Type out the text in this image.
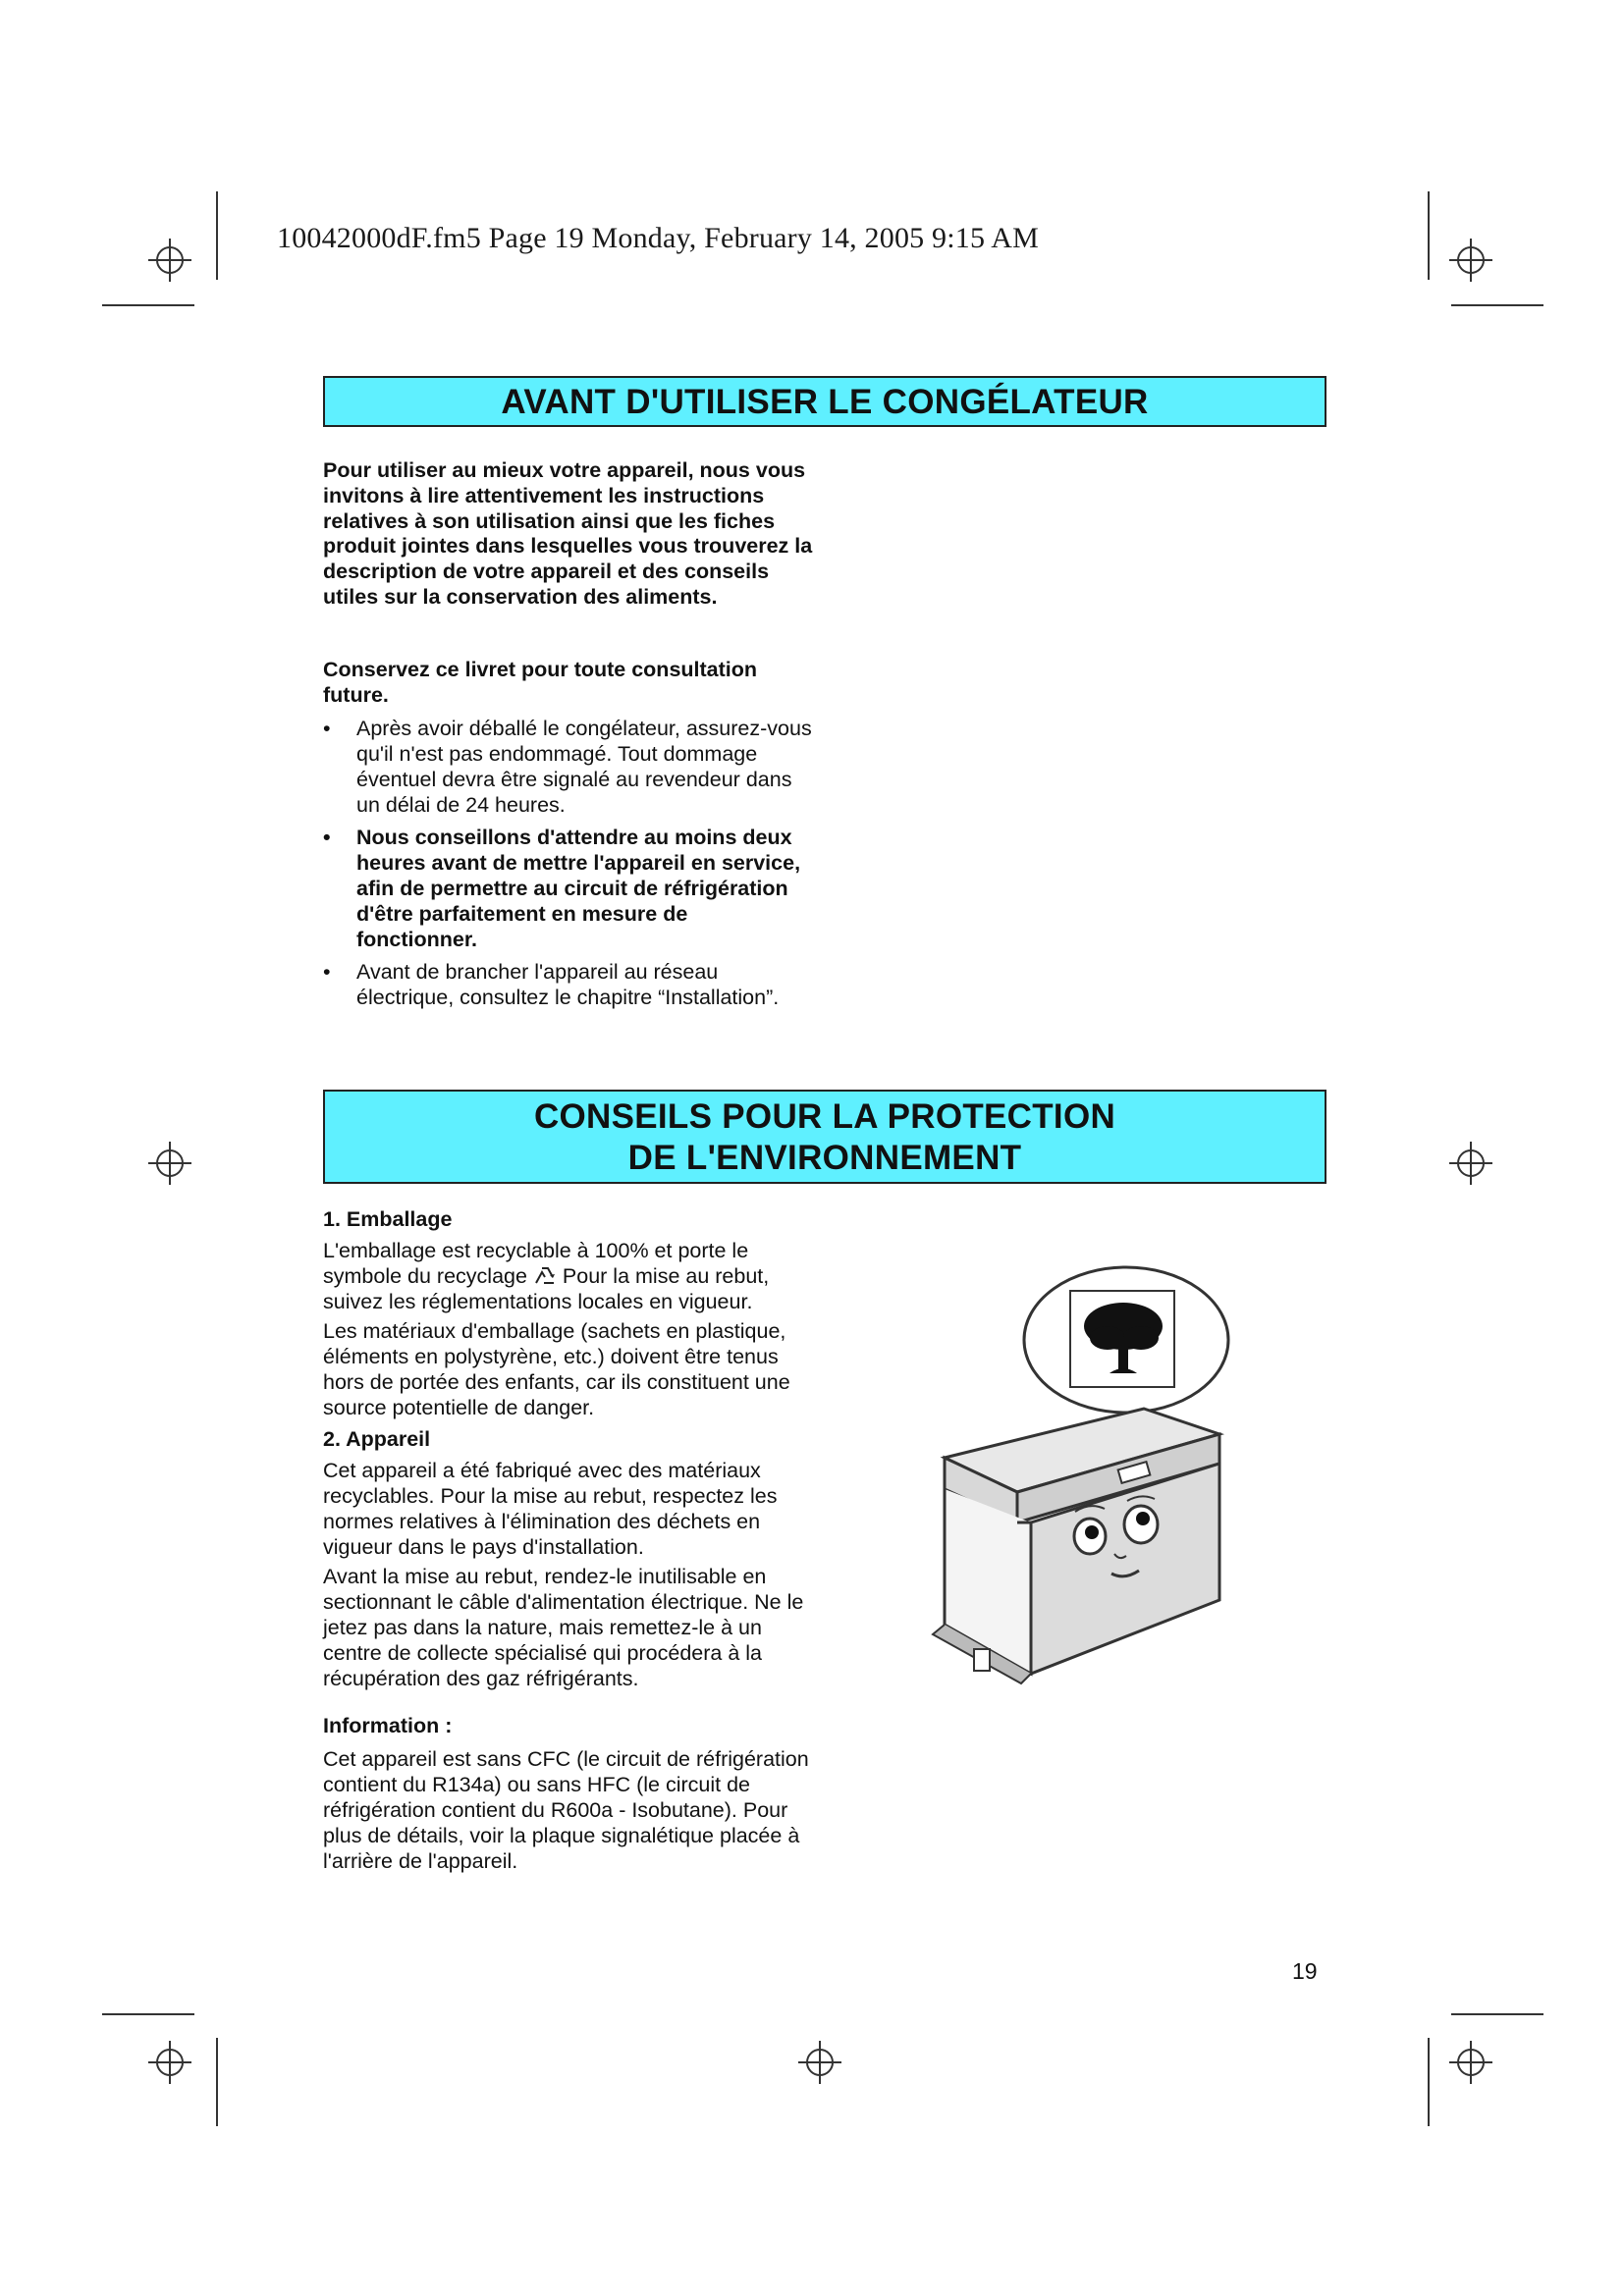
10042000dF.fm5 Page 19 Monday, February 14, 2005 9:15 AM
AVANT D'UTILISER LE CONGÉLATEUR

Pour utiliser au mieux votre appareil, nous vous invitons à lire attentivement les instructions relatives à son utilisation ainsi que les fiches produit jointes dans lesquelles vous trouverez la description de votre appareil et des conseils utiles sur la conservation des aliments.

Conservez ce livret pour toute consultation future.

•	Après avoir déballé le congélateur, assurez-vous qu'il n'est pas endommagé. Tout dommage éventuel devra être signalé au revendeur dans un délai de 24 heures.
•	Nous conseillons d'attendre au moins deux heures avant de mettre l'appareil en service, afin de permettre au circuit de réfrigération d'être parfaitement en mesure de fonctionner.
•	Avant de brancher l'appareil au réseau électrique, consultez le chapitre “Installation”.
CONSEILS POUR LA PROTECTION
DE L'ENVIRONNEMENT

1. Emballage

L'emballage est recyclable à 100% et porte le symbole du recyclage Pour la mise au rebut, suivez les réglementations locales en vigueur.

Les matériaux d'emballage (sachets en plastique, éléments en polystyrène, etc.) doivent être tenus hors de portée des enfants, car ils constituent une source potentielle de danger.

2. Appareil

Cet appareil a été fabriqué avec des matériaux recyclables. Pour la mise au rebut, respectez les normes relatives à l'élimination des déchets en vigueur dans le pays d'installation.

Avant la mise au rebut, rendez-le inutilisable en sectionnant le câble d'alimentation électrique. Ne le jetez pas dans la nature, mais remettez-le à un centre de collecte spécialisé qui procédera à la récupération des gaz réfrigérants.

Information :

Cet appareil est sans CFC (le circuit de réfrigération contient du R134a) ou sans HFC (le circuit de réfrigération contient du R600a - Isobutane). Pour plus de détails, voir la plaque signalétique placée à l'arrière de l'appareil.

19
